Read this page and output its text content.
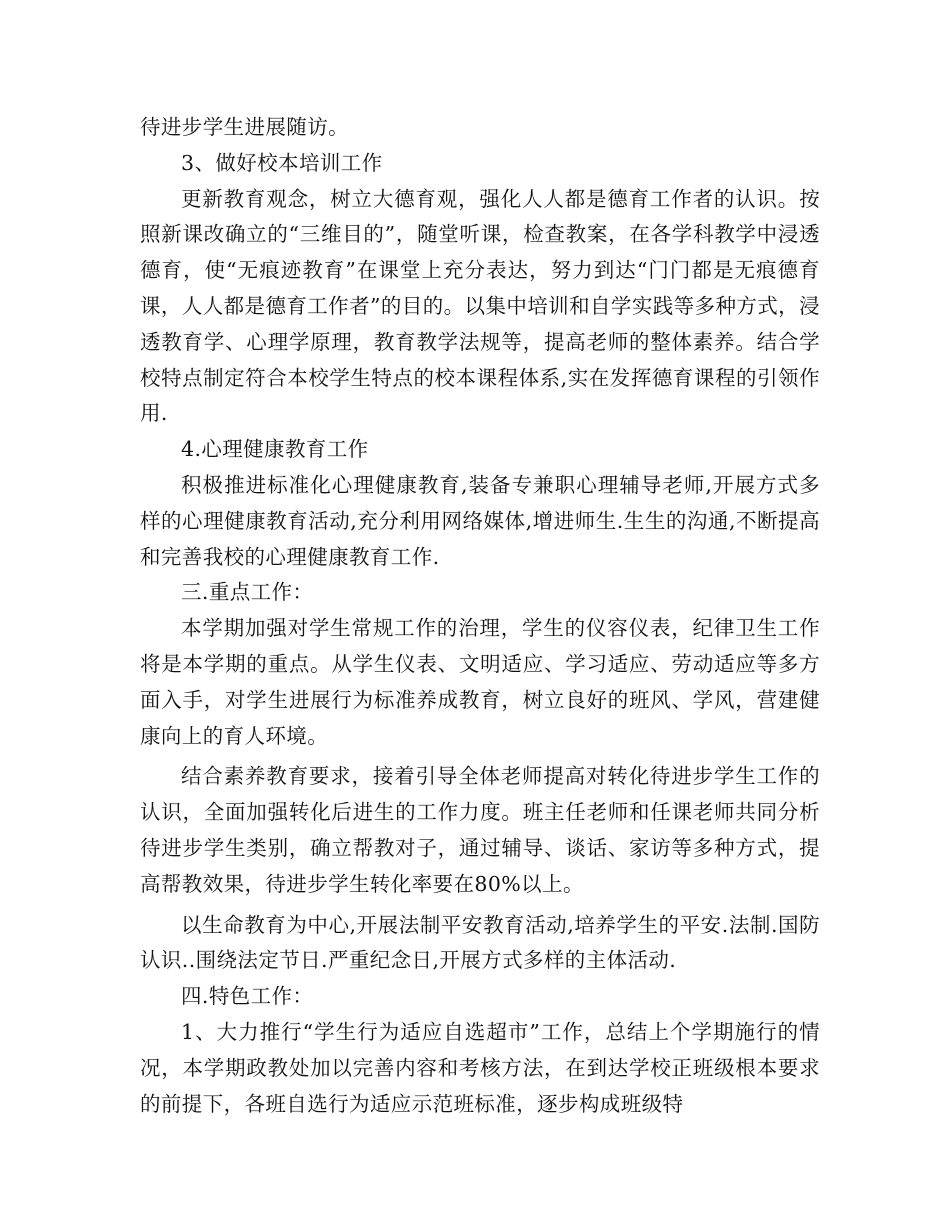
待进步学生进展随访。

3、做好校本培训工作

更新教育观念，树立大德育观，强化人人都是德育工作者的认识。按照新课改确立的“三维目的”，随堂听课，检查教案，在各学科教学中浸透德育，使“无痕迹教育”在课堂上充分表达，努力到达“门门都是无痕德育课，人人都是德育工作者”的目的。以集中培训和自学实践等多种方式，浸透教育学、心理学原理，教育教学法规等，提高老师的整体素养。结合学校特点制定符合本校学生特点的校本课程体系,实在发挥德育课程的引领作用.

4.心理健康教育工作

积极推进标准化心理健康教育,装备专兼职心理辅导老师,开展方式多样的心理健康教育活动,充分利用网络媒体,增进师生.生生的沟通,不断提高和完善我校的心理健康教育工作.

三.重点工作：

本学期加强对学生常规工作的治理，学生的仪容仪表，纪律卫生工作将是本学期的重点。从学生仪表、文明适应、学习适应、劳动适应等多方面入手，对学生进展行为标准养成教育，树立良好的班风、学风，营建健康向上的育人环境。

结合素养教育要求，接着引导全体老师提高对转化待进步学生工作的认识，全面加强转化后进生的工作力度。班主任老师和任课老师共同分析待进步学生类别，确立帮教对子，通过辅导、谈话、家访等多种方式，提高帮教效果，待进步学生转化率要在80%以上。

以生命教育为中心,开展法制平安教育活动,培养学生的平安.法制.国防认识..围绕法定节日.严重纪念日,开展方式多样的主体活动.

四.特色工作：

1、大力推行“学生行为适应自选超市”工作，总结上个学期施行的情况，本学期政教处加以完善内容和考核方法，在到达学校正班级根本要求的前提下，各班自选行为适应示范班标准，逐步构成班级特
